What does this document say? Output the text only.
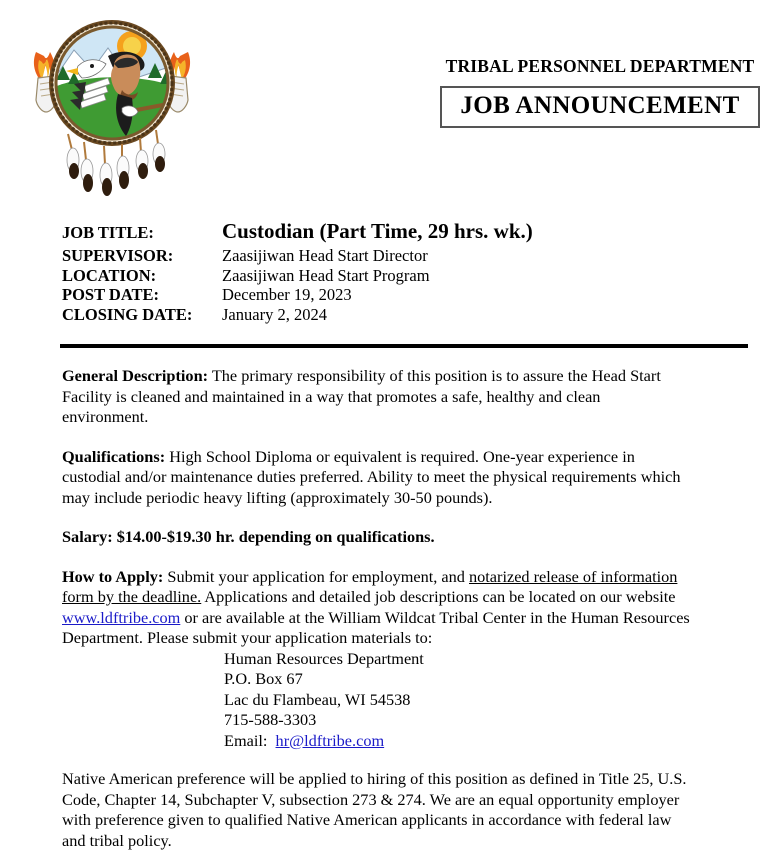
TRIBAL PERSONNEL DEPARTMENT
JOB ANNOUNCEMENT
JOB TITLE:	Custodian (Part Time, 29 hrs. wk.)
SUPERVISOR:	Zaasijiwan Head Start Director
LOCATION:	Zaasijiwan Head Start Program
POST DATE:	December 19, 2023
CLOSING DATE:	January 2, 2024

General Description: The primary responsibility of this position is to assure the Head Start Facility is cleaned and maintained in a way that promotes a safe, healthy and clean environment.

Qualifications: High School Diploma or equivalent is required. One-year experience in custodial and/or maintenance duties preferred. Ability to meet the physical requirements which may include periodic heavy lifting (approximately 30-50 pounds).

Salary: $14.00-$19.30 hr. depending on qualifications.

How to Apply: Submit your application for employment, and notarized release of information form by the deadline. Applications and detailed job descriptions can be located on our website www.ldftribe.com or are available at the William Wildcat Tribal Center in the Human Resources Department. Please submit your application materials to:

Human Resources Department
P.O. Box 67
Lac du Flambeau, WI 54538
715-588-3303
Email: hr@ldftribe.com

Native American preference will be applied to hiring of this position as defined in Title 25, U.S. Code, Chapter 14, Subchapter V, subsection 273 & 274. We are an equal opportunity employer with preference given to qualified Native American applicants in accordance with federal law and tribal policy.
